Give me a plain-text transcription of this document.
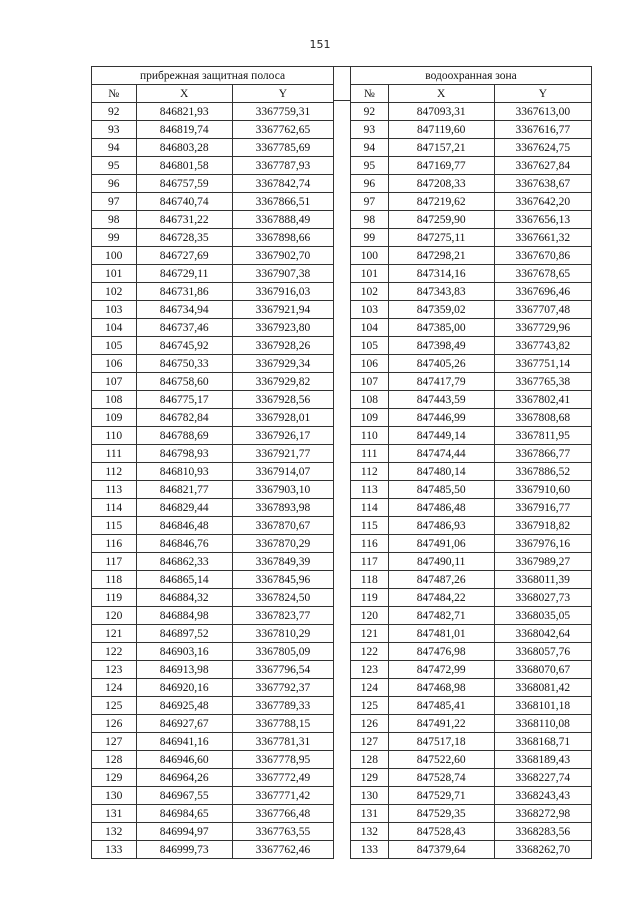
151
прибрежная защитная полоса		
№	X	Y
92	846821,93	3367759,31
93	846819,74	3367762,65
94	846803,28	3367785,69
95	846801,58	3367787,93
96	846757,59	3367842,74
97	846740,74	3367866,51
98	846731,22	3367888,49
99	846728,35	3367898,66
100	846727,69	3367902,70
101	846729,11	3367907,38
102	846731,86	3367916,03
103	846734,94	3367921,94
104	846737,46	3367923,80
105	846745,92	3367928,26
106	846750,33	3367929,34
107	846758,60	3367929,82
108	846775,17	3367928,56
109	846782,84	3367928,01
110	846788,69	3367926,17
111	846798,93	3367921,77
112	846810,93	3367914,07
113	846821,77	3367903,10
114	846829,44	3367893,98
115	846846,48	3367870,67
116	846846,76	3367870,29
117	846862,33	3367849,39
118	846865,14	3367845,96
119	846884,32	3367824,50
120	846884,98	3367823,77
121	846897,52	3367810,29
122	846903,16	3367805,09
123	846913,98	3367796,54
124	846920,16	3367792,37
125	846925,48	3367789,33
126	846927,67	3367788,15
127	846941,16	3367781,31
128	846946,60	3367778,95
129	846964,26	3367772,49
130	846967,55	3367771,42
131	846984,65	3367766,48
132	846994,97	3367763,55
133	846999,73	3367762,46
водоохранная зона		
№	X	Y
92	847093,31	3367613,00
93	847119,60	3367616,77
94	847157,21	3367624,75
95	847169,77	3367627,84
96	847208,33	3367638,67
97	847219,62	3367642,20
98	847259,90	3367656,13
99	847275,11	3367661,32
100	847298,21	3367670,86
101	847314,16	3367678,65
102	847343,83	3367696,46
103	847359,02	3367707,48
104	847385,00	3367729,96
105	847398,49	3367743,82
106	847405,26	3367751,14
107	847417,79	3367765,38
108	847443,59	3367802,41
109	847446,99	3367808,68
110	847449,14	3367811,95
111	847474,44	3367866,77
112	847480,14	3367886,52
113	847485,50	3367910,60
114	847486,48	3367916,77
115	847486,93	3367918,82
116	847491,06	3367976,16
117	847490,11	3367989,27
118	847487,26	3368011,39
119	847484,22	3368027,73
120	847482,71	3368035,05
121	847481,01	3368042,64
122	847476,98	3368057,76
123	847472,99	3368070,67
124	847468,98	3368081,42
125	847485,41	3368101,18
126	847491,22	3368110,08
127	847517,18	3368168,71
128	847522,60	3368189,43
129	847528,74	3368227,74
130	847529,71	3368243,43
131	847529,35	3368272,98
132	847528,43	3368283,56
133	847379,64	3368262,70
